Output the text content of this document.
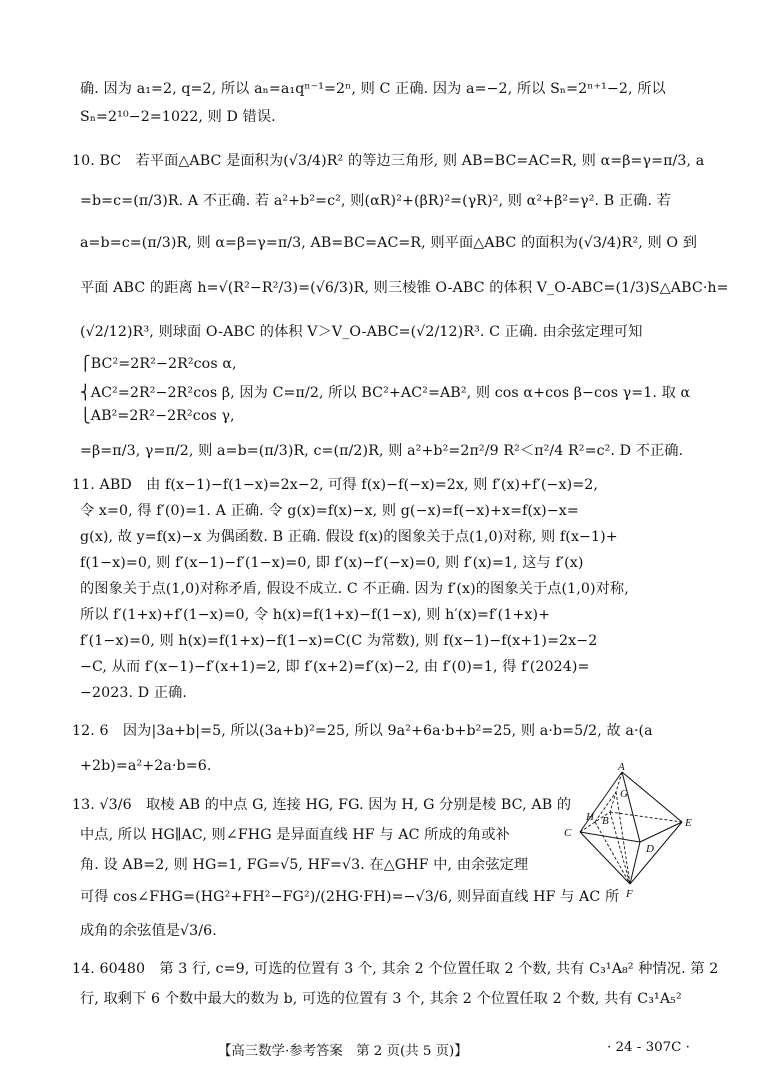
确. 因为 a₁=2, q=2, 所以 aₙ=a₁qⁿ⁻¹=2ⁿ, 则 C 正确. 因为 a=−2, 所以 Sₙ=2ⁿ⁺¹−2, 所以
Sₙ=2¹⁰−2=1022, 则 D 错误.
10. BC　若平面△ABC 是面积为(√3/4)R² 的等边三角形, 则 AB=BC=AC=R, 则 α=β=γ=π/3, a
=b=c=(π/3)R. A 不正确. 若 a²+b²=c², 则(αR)²+(βR)²=(γR)², 则 α²+β²=γ². B 正确. 若
a=b=c=(π/3)R, 则 α=β=γ=π/3, AB=BC=AC=R, 则平面△ABC 的面积为(√3/4)R², 则 O 到
平面 ABC 的距离 h=√(R²−R²/3)=(√6/3)R, 则三棱锥 O-ABC 的体积 V_O-ABC=(1/3)S△ABC·h=
(√2/12)R³, 则球面 O-ABC 的体积 V＞V_O-ABC=(√2/12)R³. C 正确. 由余弦定理可知
⎧BC²=2R²−2R²cos α,
⎨AC²=2R²−2R²cos β, 因为 C=π/2, 所以 BC²+AC²=AB², 则 cos α+cos β−cos γ=1. 取 α
⎩AB²=2R²−2R²cos γ,
=β=π/3, γ=π/2, 则 a=b=(π/3)R, c=(π/2)R, 则 a²+b²=2π²/9 R²＜π²/4 R²=c². D 不正确.
11. ABD　由 f(x−1)−f(1−x)=2x−2, 可得 f(x)−f(−x)=2x, 则 f′(x)+f′(−x)=2,
令 x=0, 得 f′(0)=1. A 正确. 令 g(x)=f(x)−x, 则 g(−x)=f(−x)+x=f(x)−x=
g(x), 故 y=f(x)−x 为偶函数. B 正确. 假设 f(x)的图象关于点(1,0)对称, 则 f(x−1)+
f(1−x)=0, 则 f′(x−1)−f′(1−x)=0, 即 f′(x)−f′(−x)=0, 则 f′(x)=1, 这与 f′(x)
的图象关于点(1,0)对称矛盾, 假设不成立. C 不正确. 因为 f′(x)的图象关于点(1,0)对称,
所以 f′(1+x)+f′(1−x)=0, 令 h(x)=f(1+x)−f(1−x), 则 h′(x)=f′(1+x)+
f′(1−x)=0, 则 h(x)=f(1+x)−f(1−x)=C(C 为常数), 则 f(x−1)−f(x+1)=2x−2
−C, 从而 f′(x−1)−f′(x+1)=2, 即 f′(x+2)=f′(x)−2, 由 f′(0)=1, 得 f′(2024)=
−2023. D 正确.
12. 6　因为|3a+b|=5, 所以(3a+b)²=25, 所以 9a²+6a·b+b²=25, 则 a·b=5/2, 故 a·(a
+2b)=a²+2a·b=6.
13. √3/6　取棱 AB 的中点 G, 连接 HG, FG. 因为 H, G 分别是棱 BC, AB 的
中点, 所以 HG∥AC, 则∠FHG 是异面直线 HF 与 AC 所成的角或补
角. 设 AB=2, 则 HG=1, FG=√5, HF=√3. 在△GHF 中, 由余弦定理
可得 cos∠FHG=(HG²+FH²−FG²)/(2HG·FH)=−√3/6, 则异面直线 HF 与 AC 所
成角的余弦值是√3/6.
14. 60480　第 3 行, c=9, 可选的位置有 3 个, 其余 2 个位置任取 2 个数, 共有 C₃¹A₈² 种情况. 第 2
行, 取剩下 6 个数中最大的数为 b, 可选的位置有 3 个, 其余 2 个位置任取 2 个数, 共有 C₃¹A₅²
A
G
H B
C
E
D
F
【高三数学·参考答案　第 2 页(共 5 页)】	· 24 - 307C ·
